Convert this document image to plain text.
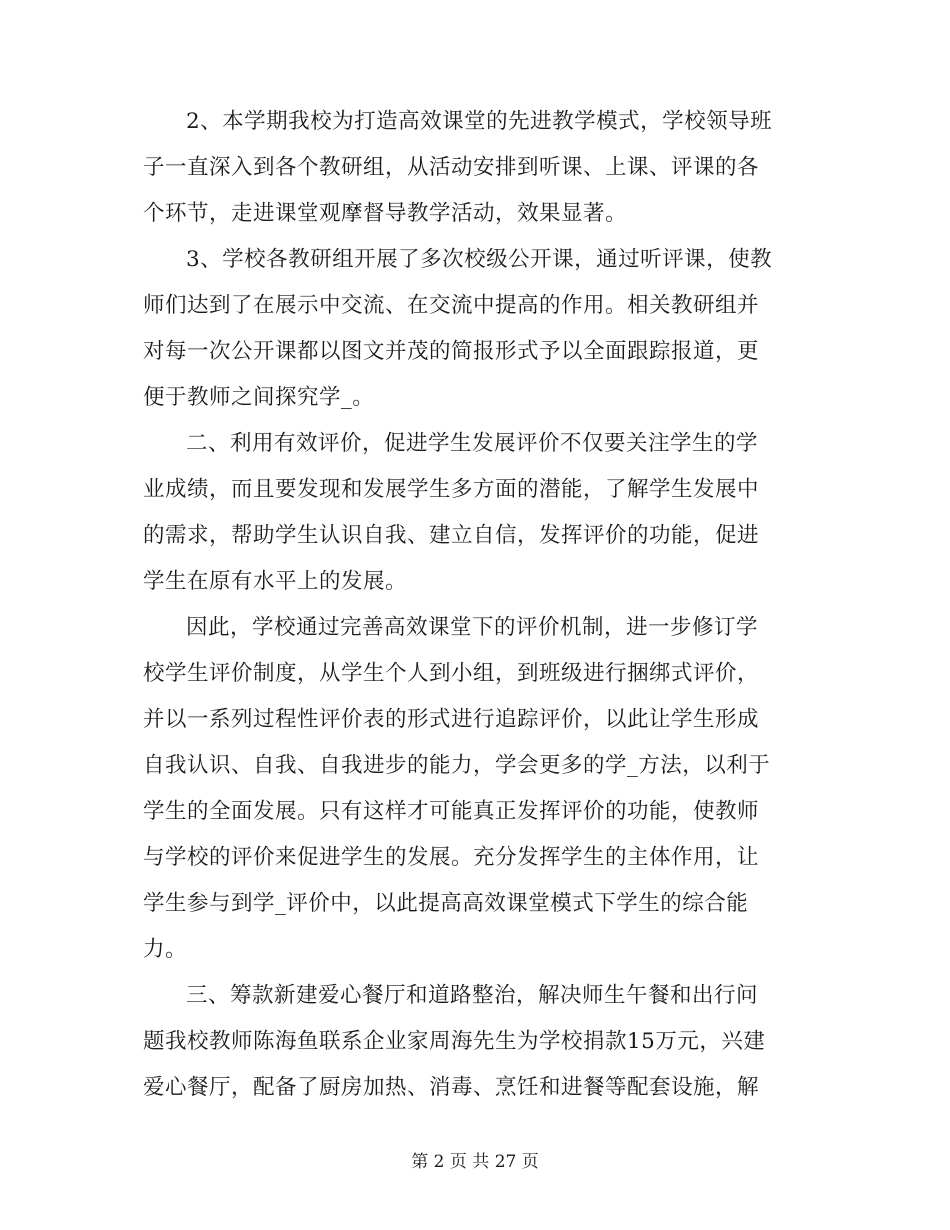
2、本学期我校为打造高效课堂的先进教学模式，学校领导班
子一直深入到各个教研组，从活动安排到听课、上课、评课的各
个环节，走进课堂观摩督导教学活动，效果显著。
3、学校各教研组开展了多次校级公开课，通过听评课，使教
师们达到了在展示中交流、在交流中提高的作用。相关教研组并
对每一次公开课都以图文并茂的简报形式予以全面跟踪报道，更
便于教师之间探究学_。
二、利用有效评价，促进学生发展评价不仅要关注学生的学
业成绩，而且要发现和发展学生多方面的潜能，了解学生发展中
的需求，帮助学生认识自我、建立自信，发挥评价的功能，促进
学生在原有水平上的发展。
因此，学校通过完善高效课堂下的评价机制，进一步修订学
校学生评价制度，从学生个人到小组，到班级进行捆绑式评价，
并以一系列过程性评价表的形式进行追踪评价，以此让学生形成
自我认识、自我、自我进步的能力，学会更多的学_方法，以利于
学生的全面发展。只有这样才可能真正发挥评价的功能，使教师
与学校的评价来促进学生的发展。充分发挥学生的主体作用，让
学生参与到学_评价中，以此提高高效课堂模式下学生的综合能
力。
三、筹款新建爱心餐厅和道路整治，解决师生午餐和出行问
题我校教师陈海鱼联系企业家周海先生为学校捐款15万元，兴建
爱心餐厅，配备了厨房加热、消毒、烹饪和进餐等配套设施，解
第 2 页 共 27 页
